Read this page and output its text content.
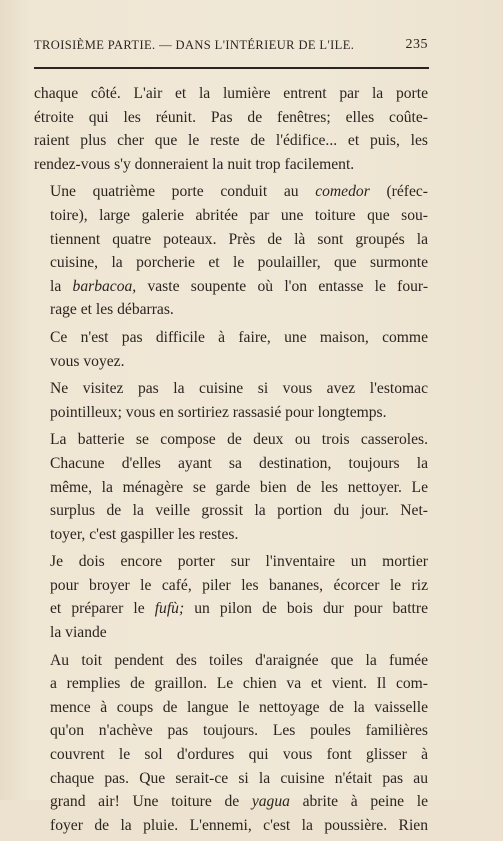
TROISIÈME PARTIE. — DANS L'INTÉRIEUR DE L'ILE.	235

chaque côté. L'air et la lumière entrent par la porte
étroite qui les réunit. Pas de fenêtres; elles coûte-
raient plus cher que le reste de l'édifice... et puis, les
rendez-vous s'y donneraient la nuit trop facilement.

Une quatrième porte conduit au comedor (réfec-
toire), large galerie abritée par une toiture que sou-
tiennent quatre poteaux. Près de là sont groupés la
cuisine, la porcherie et le poulailler, que surmonte
la barbacoa, vaste soupente où l'on entasse le four-
rage et les débarras.

Ce n'est pas difficile à faire, une maison, comme
vous voyez.

Ne visitez pas la cuisine si vous avez l'estomac
pointilleux; vous en sortiriez rassasié pour longtemps.

La batterie se compose de deux ou trois casseroles.
Chacune d'elles ayant sa destination, toujours la
même, la ménagère se garde bien de les nettoyer. Le
surplus de la veille grossit la portion du jour. Net-
toyer, c'est gaspiller les restes.

Je dois encore porter sur l'inventaire un mortier
pour broyer le café, piler les bananes, écorcer le riz
et préparer le fufù; un pilon de bois dur pour battre
la viande

Au toit pendent des toiles d'araignée que la fumée
a remplies de graillon. Le chien va et vient. Il com-
mence à coups de langue le nettoyage de la vaisselle
qu'on n'achève pas toujours. Les poules familières
couvrent le sol d'ordures qui vous font glisser à
chaque pas. Que serait-ce si la cuisine n'était pas au
grand air! Une toiture de yagua abrite à peine le
foyer de la pluie. L'ennemi, c'est la poussière. Rien
